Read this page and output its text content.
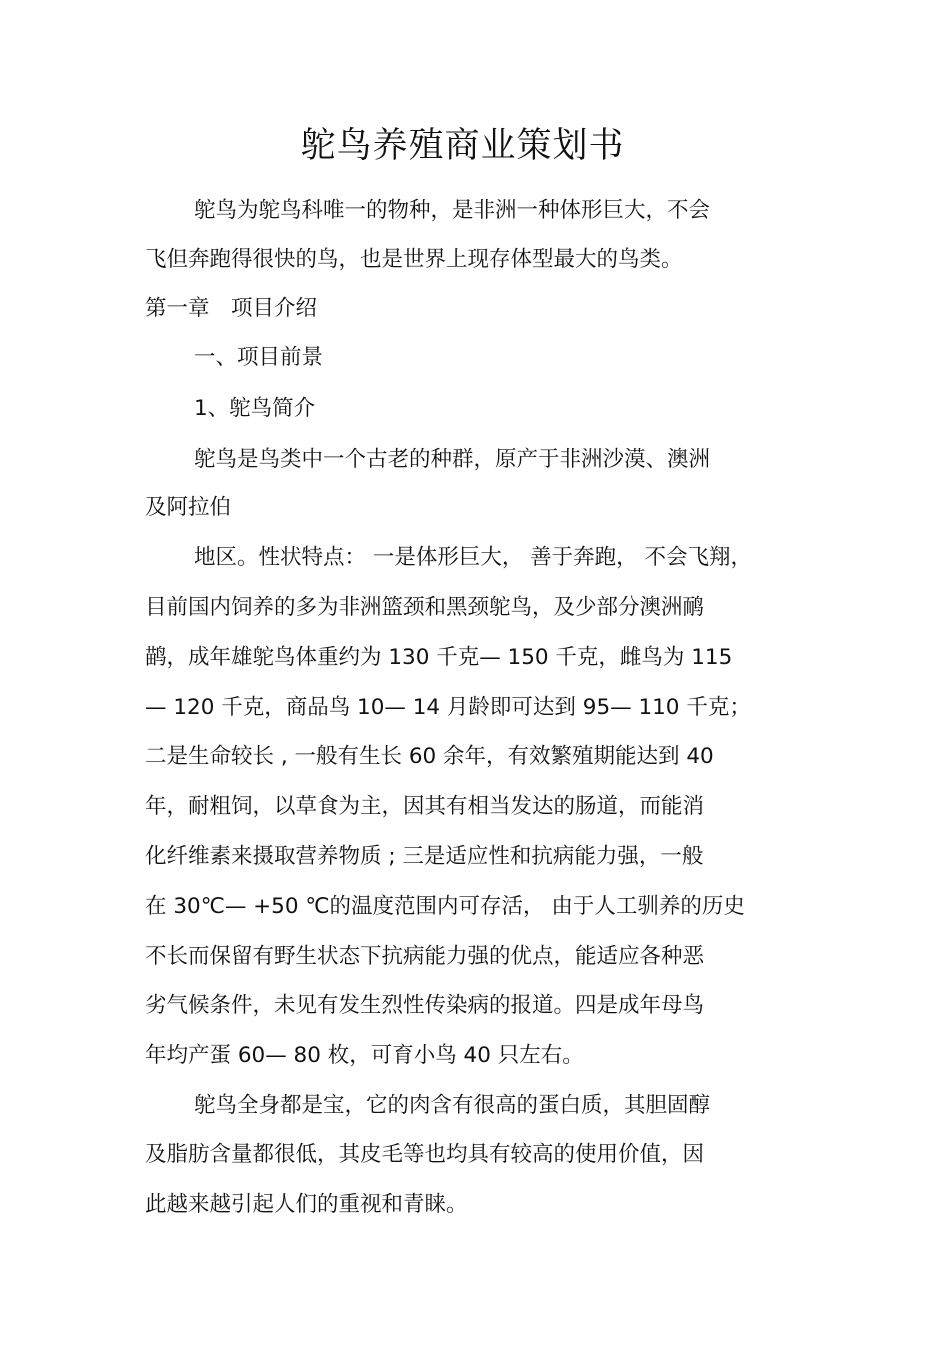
鸵鸟养殖商业策划书
鸵鸟为鸵鸟科唯一的物种，是非洲一种体形巨大，不会
飞但奔跑得很快的鸟，也是世界上现存体型最大的鸟类。
第一章　项目介绍
一、项目前景
1、鸵鸟简介
鸵鸟是鸟类中一个古老的种群，原产于非洲沙漠、澳洲
及阿拉伯
地区。性状特点： 一是体形巨大， 善于奔跑， 不会飞翔，
目前国内饲养的多为非洲篮颈和黑颈鸵鸟，及少部分澳洲鸸
鹋，成年雄鸵鸟体重约为 130 千克— 150 千克，雌鸟为 115
— 120 千克，商品鸟 10— 14 月龄即可达到 95— 110 千克；
二是生命较长 , 一般有生长 60 余年，有效繁殖期能达到 40
年，耐粗饲，以草食为主，因其有相当发达的肠道，而能消
化纤维素来摄取营养物质 ; 三是适应性和抗病能力强，一般
在 30℃— +50 ℃的温度范围内可存活， 由于人工驯养的历史
不长而保留有野生状态下抗病能力强的优点，能适应各种恶
劣气候条件，未见有发生烈性传染病的报道。四是成年母鸟
年均产蛋 60— 80 枚，可育小鸟 40 只左右。
鸵鸟全身都是宝，它的肉含有很高的蛋白质，其胆固醇
及脂肪含量都很低，其皮毛等也均具有较高的使用价值，因
此越来越引起人们的重视和青睐。
